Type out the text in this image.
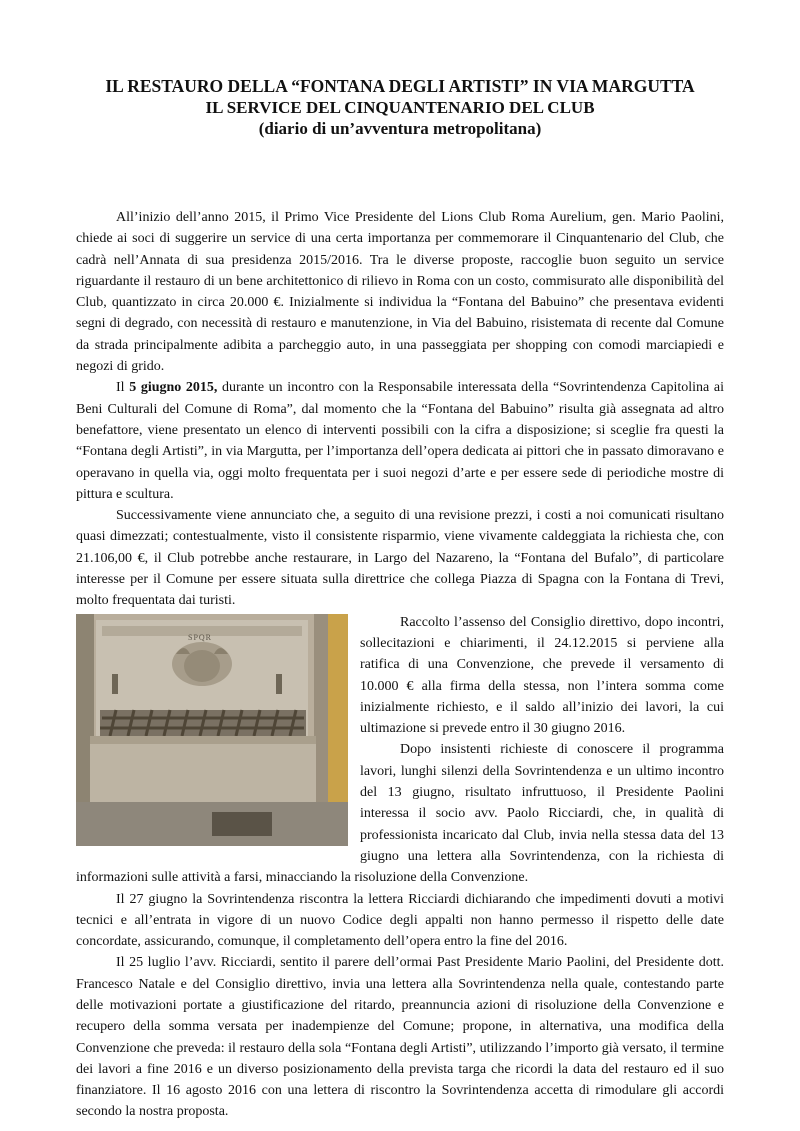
IL RESTAURO DELLA “FONTANA DEGLI ARTISTI” IN VIA MARGUTTA
IL SERVICE DEL CINQUANTENARIO DEL CLUB
(diario di un’avventura metropolitana)

All’inizio dell’anno 2015, il Primo Vice Presidente del Lions Club Roma Aurelium, gen. Mario Paolini, chiede ai soci di suggerire un service di una certa importanza per commemorare il Cinquantenario del Club, che cadrà nell’Annata di sua presidenza 2015/2016. Tra le diverse proposte, raccoglie buon seguito un service riguardante il restauro di un bene architettonico di rilievo in Roma con un costo, commisurato alle disponibilità del Club, quantizzato in circa 20.000 €. Inizialmente si individua la “Fontana del Babuino” che presentava evidenti segni di degrado, con necessità di restauro e manutenzione, in Via del Babuino, risistemata di recente dal Comune da strada principalmente adibita a parcheggio auto, in una passeggiata per shopping con comodi marciapiedi e negozi di grido.

Il 5 giugno 2015, durante un incontro con la Responsabile interessata della “Sovrintendenza Capitolina ai Beni Culturali del Comune di Roma”, dal momento che la “Fontana del Babuino” risulta già assegnata ad altro benefattore, viene presentato un elenco di interventi possibili con la cifra a disposizione; si sceglie fra questi la “Fontana degli Artisti”, in via Margutta, per l’importanza dell’opera dedicata ai pittori che in passato dimoravano e operavano in quella via, oggi molto frequentata per i suoi negozi d’arte e per essere sede di periodiche mostre di pittura e scultura.

Successivamente viene annunciato che, a seguito di una revisione prezzi, i costi a noi comunicati risultano quasi dimezzati; contestualmente, visto il consistente risparmio, viene vivamente caldeggiata la richiesta che, con 21.106,00 €, il Club potrebbe anche restaurare, in Largo del Nazareno, la “Fontana del Bufalo”, di particolare interesse per il Comune per essere situata sulla direttrice che collega Piazza di Spagna con la Fontana di Trevi, molto frequentata dai turisti.

SPQR

Raccolto l’assenso del Consiglio direttivo, dopo incontri, sollecitazioni e chiarimenti, il 24.12.2015 si perviene alla ratifica di una Convenzione, che prevede il versamento di 10.000 € alla firma della stessa, non l’intera somma come inizialmente richiesto, e il saldo all’inizio dei lavori, la cui ultimazione si prevede entro il 30 giugno 2016.

Dopo insistenti richieste di conoscere il programma lavori, lunghi silenzi della Sovrintendenza e un ultimo incontro del 13 giugno, risultato infruttuoso, il Presidente Paolini interessa il socio avv. Paolo Ricciardi, che, in qualità di professionista incaricato dal Club, invia nella stessa data del 13 giugno una lettera alla Sovrintendenza, con la richiesta di informazioni sulle attività a farsi, minacciando la risoluzione della Convenzione.

Il 27 giugno la Sovrintendenza riscontra la lettera Ricciardi dichiarando che impedimenti dovuti a motivi tecnici e all’entrata in vigore di un nuovo Codice degli appalti non hanno permesso il rispetto delle date concordate, assicurando, comunque, il completamento dell’opera entro la fine del 2016.

Il 25 luglio l’avv. Ricciardi, sentito il parere dell’ormai Past Presidente Mario Paolini, del Presidente dott. Francesco Natale e del Consiglio direttivo, invia una lettera alla Sovrintendenza nella quale, contestando parte delle motivazioni portate a giustificazione del ritardo, preannuncia azioni di risoluzione della Convenzione e recupero della somma versata per inadempienze del Comune; propone, in alternativa, una modifica della Convenzione che preveda: il restauro della sola “Fontana degli Artisti”, utilizzando l’importo già versato, il termine dei lavori a fine 2016 e un diverso posizionamento della prevista targa che ricordi la data del restauro ed il suo finanziatore. Il 16 agosto 2016 con una lettera di riscontro la Sovrintendenza accetta di rimodulare gli accordi secondo la nostra proposta.
